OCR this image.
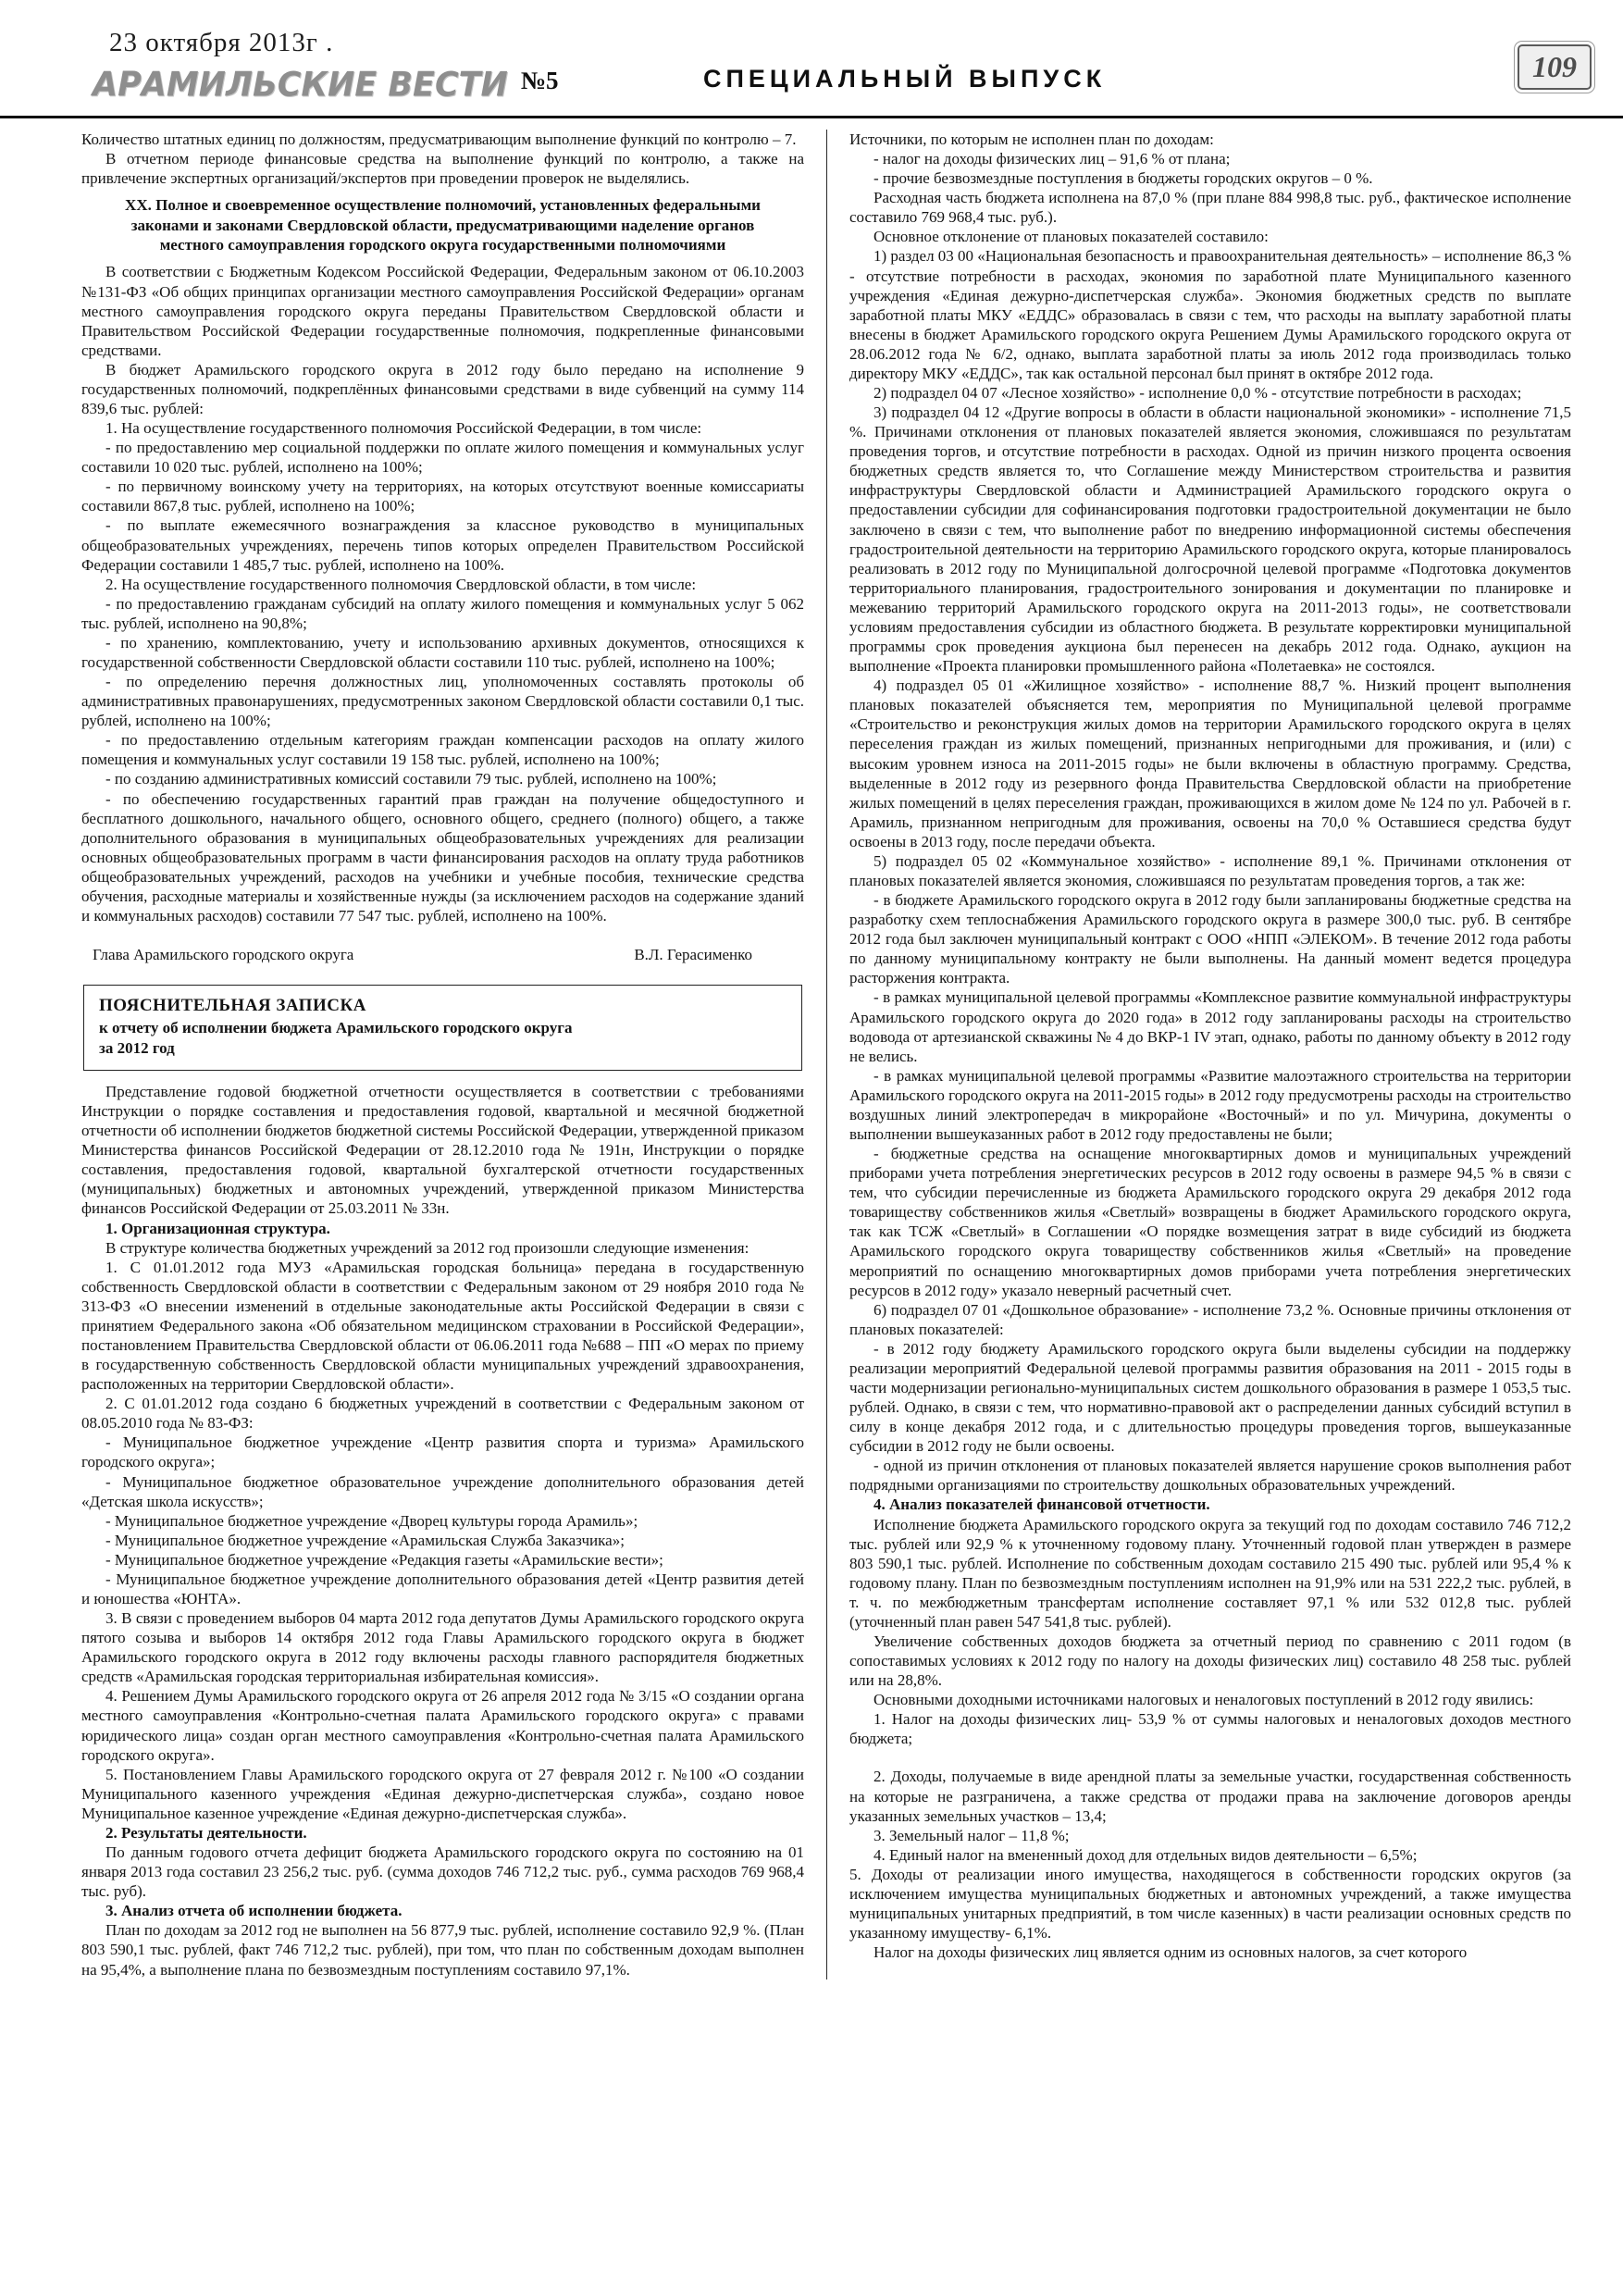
23 октября 2013г .
АРАМИЛЬСКИЕ ВЕСТИ №5	СПЕЦИАЛЬНЫЙ ВЫПУСК	109

Количество штатных единиц по должностям, предусматривающим выполнение функций по контролю – 7.

В отчетном периоде финансовые средства на выполнение функций по контролю, а также на привлечение экспертных организаций/экспертов при проведении проверок не выделялись.

ХХ. Полное и своевременное осуществление полномочий, установленных федеральными законами и законами Свердловской области, предусматривающими наделение органов местного самоуправления городского округа государственными полномочиями

В соответствии с Бюджетным Кодексом Российской Федерации, Федеральным законом от 06.10.2003 №131-ФЗ «Об общих принципах организации местного самоуправления Российской Федерации» органам местного самоуправления городского округа переданы Правительством Свердловской области и Правительством Российской Федерации государственные полномочия, подкрепленные финансовыми средствами.

В бюджет Арамильского городского округа в 2012 году было передано на исполнение 9 государственных полномочий, подкреплённых финансовыми средствами в виде субвенций на сумму 114 839,6 тыс. рублей:

1. На осуществление государственного полномочия Российской Федерации, в том числе:

- по предоставлению мер социальной поддержки по оплате жилого помещения и коммунальных услуг составили 10 020 тыс. рублей, исполнено на 100%;

- по первичному воинскому учету на территориях, на которых отсутствуют военные комиссариаты составили 867,8 тыс. рублей, исполнено на 100%;

- по выплате ежемесячного вознаграждения за классное руководство в муниципальных общеобразовательных учреждениях, перечень типов которых определен Правительством Российской Федерации составили 1 485,7 тыс. рублей, исполнено на 100%.

2. На осуществление государственного полномочия Свердловской области, в том числе:

- по предоставлению гражданам субсидий на оплату жилого помещения и коммунальных услуг 5 062 тыс. рублей, исполнено на 90,8%;

- по хранению, комплектованию, учету и использованию архивных документов, относящихся к государственной собственности Свердловской области составили 110 тыс. рублей, исполнено на 100%;

- по определению перечня должностных лиц, уполномоченных составлять протоколы об административных правонарушениях, предусмотренных законом Свердловской области составили 0,1 тыс. рублей, исполнено на 100%;

- по предоставлению отдельным категориям граждан компенсации расходов на оплату жилого помещения и коммунальных услуг составили 19 158 тыс. рублей, исполнено на 100%;

- по созданию административных комиссий составили 79 тыс. рублей, исполнено на 100%;

- по обеспечению государственных гарантий прав граждан на получение общедоступного и бесплатного дошкольного, начального общего, основного общего, среднего (полного) общего, а также дополнительного образования в муниципальных общеобразовательных учреждениях для реализации основных общеобразовательных программ в части финансирования расходов на оплату труда работников общеобразовательных учреждений, расходов на учебники и учебные пособия, технические средства обучения, расходные материалы и хозяйственные нужды (за исключением расходов на содержание зданий и коммунальных расходов) составили 77 547 тыс. рублей, исполнено на 100%.

Глава Арамильского городского округа	В.Л. Герасименко
ПОЯСНИТЕЛЬНАЯ ЗАПИСКА
к отчету об исполнении бюджета Арамильского городского округа
за 2012 год

Представление годовой бюджетной отчетности осуществляется в соответствии с требованиями Инструкции о порядке составления и предоставления годовой, квартальной и месячной бюджетной отчетности об исполнении бюджетов бюджетной системы Российской Федерации, утвержденной приказом Министерства финансов Российской Федерации от 28.12.2010 года № 191н, Инструкции о порядке составления, предоставления годовой, квартальной бухгалтерской отчетности государственных (муниципальных) бюджетных и автономных учреждений, утвержденной приказом Министерства финансов Российской Федерации от 25.03.2011 № 33н.

1. Организационная структура.

В структуре количества бюджетных учреждений за 2012 год произошли следующие изменения:

1. С 01.01.2012 года МУЗ «Арамильская городская больница» передана в государственную собственность Свердловской области в соответствии с Федеральным законом от 29 ноября 2010 года № 313-ФЗ «О внесении изменений в отдельные законодательные акты Российской Федерации в связи с принятием Федерального закона «Об обязательном медицинском страховании в Российской Федерации», постановлением Правительства Свердловской области от 06.06.2011 года №688 – ПП «О мерах по приему в государственную собственность Свердловской области муниципальных учреждений здравоохранения, расположенных на территории Свердловской области».

2. С 01.01.2012 года создано 6 бюджетных учреждений в соответствии с Федеральным законом от 08.05.2010 года № 83-ФЗ:

- Муниципальное бюджетное учреждение «Центр развития спорта и туризма» Арамильского городского округа»;

- Муниципальное бюджетное образовательное учреждение дополнительного образования детей «Детская школа искусств»;

- Муниципальное бюджетное учреждение «Дворец культуры города Арамиль»;

- Муниципальное бюджетное учреждение «Арамильская Служба Заказчика»;

- Муниципальное бюджетное учреждение «Редакция газеты «Арамильские вести»;

- Муниципальное бюджетное учреждение дополнительного образования детей «Центр развития детей и юношества «ЮНТА».

3. В связи с проведением выборов 04 марта 2012 года депутатов Думы Арамильского городского округа пятого созыва и выборов 14 октября 2012 года Главы Арамильского городского округа в бюджет Арамильского городского округа в 2012 году включены расходы главного распорядителя бюджетных средств «Арамильская городская территориальная избирательная комиссия».

4. Решением Думы Арамильского городского округа от 26 апреля 2012 года № 3/15 «О создании органа местного самоуправления «Контрольно-счетная палата Арамильского городского округа» с правами юридического лица» создан орган местного самоуправления «Контрольно-счетная палата Арамильского городского округа».

5. Постановлением Главы Арамильского городского округа от 27 февраля 2012 г. №100 «О создании Муниципального казенного учреждения «Единая дежурно-диспетчерская служба», создано новое Муниципальное казенное учреждение «Единая дежурно-диспетчерская служба».

2. Результаты деятельности.

По данным годового отчета дефицит бюджета Арамильского городского округа по состоянию на 01 января 2013 года составил 23 256,2 тыс. руб. (сумма доходов 746 712,2 тыс. руб., сумма расходов 769 968,4 тыс. руб).

3. Анализ отчета об исполнении бюджета.

План по доходам за 2012 год не выполнен на 56 877,9 тыс. рублей, исполнение составило 92,9 %. (План 803 590,1 тыс. рублей, факт 746 712,2 тыс. рублей), при том, что план по собственным доходам выполнен на 95,4%, а выполнение плана по безвозмездным поступлениям составило 97,1%.

Источники, по которым не исполнен план по доходам:

- налог на доходы физических лиц – 91,6 % от плана;

- прочие безвозмездные поступления в бюджеты городских округов – 0 %.

Расходная часть бюджета исполнена на 87,0 % (при плане 884 998,8 тыс. руб., фактическое исполнение составило 769 968,4 тыс. руб.).

Основное отклонение от плановых показателей составило:

1) раздел 03 00 «Национальная безопасность и правоохранительная деятельность» – исполнение 86,3 % - отсутствие потребности в расходах, экономия по заработной плате Муниципального казенного учреждения «Единая дежурно-диспетчерская служба». Экономия бюджетных средств по выплате заработной платы МКУ «ЕДДС» образовалась в связи с тем, что расходы на выплату заработной платы внесены в бюджет Арамильского городского округа Решением Думы Арамильского городского округа от 28.06.2012 года № 6/2, однако, выплата заработной платы за июль 2012 года производилась только директору МКУ «ЕДДС», так как остальной персонал был принят в октябре 2012 года.

2) подраздел 04 07 «Лесное хозяйство» - исполнение 0,0 % - отсутствие потребности в расходах;

3) подраздел 04 12 «Другие вопросы в области в области национальной экономики» - исполнение 71,5 %. Причинами отклонения от плановых показателей является экономия, сложившаяся по результатам проведения торгов, и отсутствие потребности в расходах. Одной из причин низкого процента освоения бюджетных средств является то, что Соглашение между Министерством строительства и развития инфраструктуры Свердловской области и Администрацией Арамильского городского округа о предоставлении субсидии для софинансирования подготовки градостроительной документации не было заключено в связи с тем, что выполнение работ по внедрению информационной системы обеспечения градостроительной деятельности на территорию Арамильского городского округа, которые планировалось реализовать в 2012 году по Муниципальной долгосрочной целевой программе «Подготовка документов территориального планирования, градостроительного зонирования и документации по планировке и межеванию территорий Арамильского городского округа на 2011-2013 годы», не соответствовали условиям предоставления субсидии из областного бюджета. В результате корректировки муниципальной программы срок проведения аукциона был перенесен на декабрь 2012 года. Однако, аукцион на выполнение «Проекта планировки промышленного района «Полетаевка» не состоялся.

4) подраздел 05 01 «Жилищное хозяйство» - исполнение 88,7 %. Низкий процент выполнения плановых показателей объясняется тем, мероприятия по Муниципальной целевой программе «Строительство и реконструкция жилых домов на территории Арамильского городского округа в целях переселения граждан из жилых помещений, признанных непригодными для проживания, и (или) с высоким уровнем износа на 2011-2015 годы» не были включены в областную программу. Средства, выделенные в 2012 году из резервного фонда Правительства Свердловской области на приобретение жилых помещений в целях переселения граждан, проживающихся в жилом доме № 124 по ул. Рабочей в г. Арамиль, признанном непригодным для проживания, освоены на 70,0 % Оставшиеся средства будут освоены в 2013 году, после передачи объекта.

5) подраздел 05 02 «Коммунальное хозяйство» - исполнение 89,1 %. Причинами отклонения от плановых показателей является экономия, сложившаяся по результатам проведения торгов, а так же:

- в бюджете Арамильского городского округа в 2012 году были запланированы бюджетные средства на разработку схем теплоснабжения Арамильского городского округа в размере 300,0 тыс. руб. В сентябре 2012 года был заключен муниципальный контракт с ООО «НПП «ЭЛЕКОМ». В течение 2012 года работы по данному муниципальному контракту не были выполнены. На данный момент ведется процедура расторжения контракта.

- в рамках муниципальной целевой программы «Комплексное развитие коммунальной инфраструктуры Арамильского городского округа до 2020 года» в 2012 году запланированы расходы на строительство водовода от артезианской скважины № 4 до ВКР-1 IV этап, однако, работы по данному объекту в 2012 году не велись.

- в рамках муниципальной целевой программы «Развитие малоэтажного строительства на территории Арамильского городского округа на 2011-2015 годы» в 2012 году предусмотрены расходы на строительство воздушных линий электропередач в микрорайоне «Восточный» и по ул. Мичурина, документы о выполнении вышеуказанных работ в 2012 году предоставлены не были;

- бюджетные средства на оснащение многоквартирных домов и муниципальных учреждений приборами учета потребления энергетических ресурсов в 2012 году освоены в размере 94,5 % в связи с тем, что субсидии перечисленные из бюджета Арамильского городского округа 29 декабря 2012 года товариществу собственников жилья «Светлый» возвращены в бюджет Арамильского городского округа, так как ТСЖ «Светлый» в Соглашении «О порядке возмещения затрат в виде субсидий из бюджета Арамильского городского округа товариществу собственников жилья «Светлый» на проведение мероприятий по оснащению многоквартирных домов приборами учета потребления энергетических ресурсов в 2012 году» указало неверный расчетный счет.

6) подраздел 07 01 «Дошкольное образование» - исполнение 73,2 %. Основные причины отклонения от плановых показателей:

- в 2012 году бюджету Арамильского городского округа были выделены субсидии на поддержку реализации мероприятий Федеральной целевой программы развития образования на 2011 - 2015 годы в части модернизации регионально-муниципальных систем дошкольного образования в размере 1 053,5 тыс. рублей. Однако, в связи с тем, что нормативно-правовой акт о распределении данных субсидий вступил в силу в конце декабря 2012 года, и с длительностью процедуры проведения торгов, вышеуказанные субсидии в 2012 году не были освоены.

- одной из причин отклонения от плановых показателей является нарушение сроков выполнения работ подрядными организациями по строительству дошкольных образовательных учреждений.

4. Анализ показателей финансовой отчетности.

Исполнение бюджета Арамильского городского округа за текущий год по доходам составило 746 712,2 тыс. рублей или 92,9 % к уточненному годовому плану. Уточненный годовой план утвержден в размере 803 590,1 тыс. рублей. Исполнение по собственным доходам составило 215 490 тыс. рублей или 95,4 % к годовому плану. План по безвозмездным поступлениям исполнен на 91,9% или на 531 222,2 тыс. рублей, в т. ч. по межбюджетным трансфертам исполнение составляет 97,1 % или 532 012,8 тыс. рублей (уточненный план равен 547 541,8 тыс. рублей).

Увеличение собственных доходов бюджета за отчетный период по сравнению с 2011 годом (в сопоставимых условиях к 2012 году по налогу на доходы физических лиц) составило 48 258 тыс. рублей или на 28,8%.

Основными доходными источниками налоговых и неналоговых поступлений в 2012 году явились:

1. Налог на доходы физических лиц- 53,9 % от суммы налоговых и неналоговых доходов местного бюджета;

2. Доходы, получаемые в виде арендной платы за земельные участки, государственная собственность на которые не разграничена, а также средства от продажи права на заключение договоров аренды указанных земельных участков – 13,4;

3. Земельный налог – 11,8 %;

4. Единый налог на вмененный доход для отдельных видов деятельности – 6,5%;

5. Доходы от реализации иного имущества, находящегося в собственности городских округов (за исключением имущества муниципальных бюджетных и автономных учреждений, а также имущества муниципальных унитарных предприятий, в том числе казенных) в части реализации основных средств по указанному имуществу- 6,1%.

Налог на доходы физических лиц является одним из основных налогов, за счет которого
